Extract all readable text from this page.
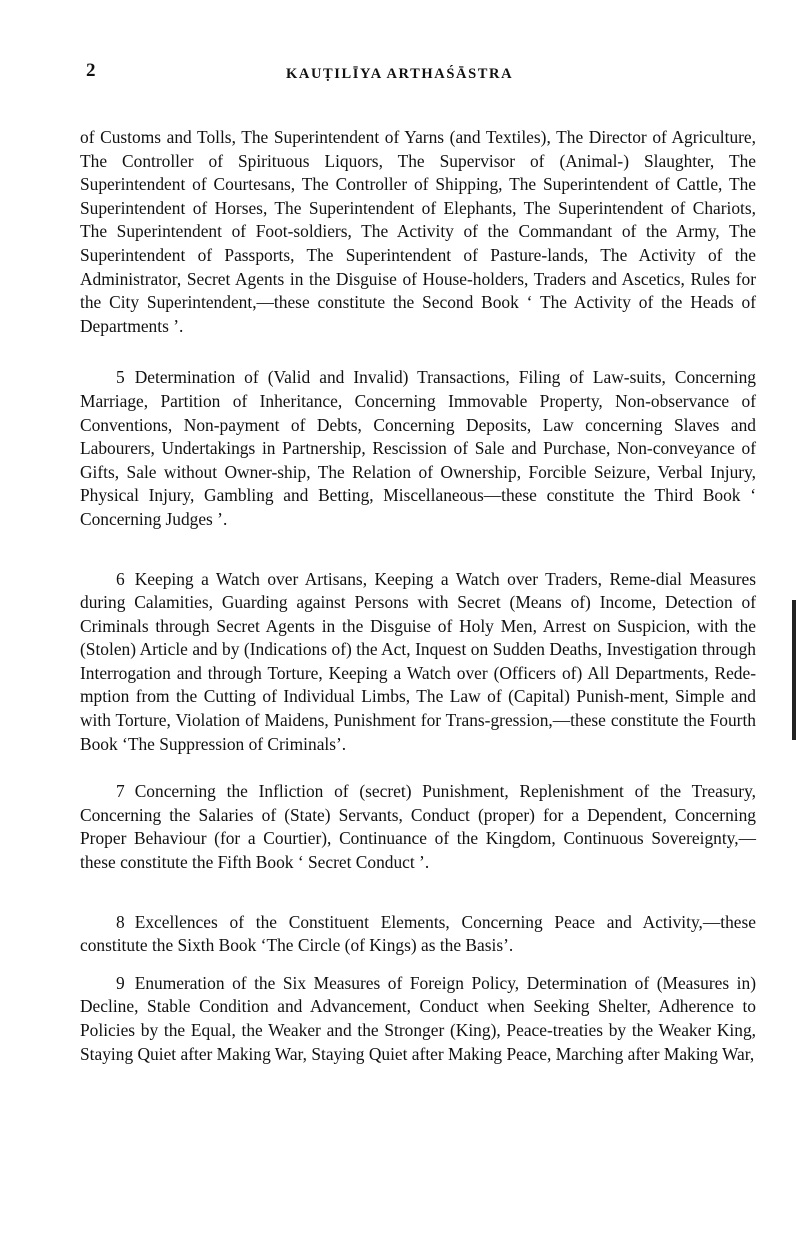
2	KAUṬILĪYA ARTHAŚĀSTRA

of Customs and Tolls, The Superintendent of Yarns (and Textiles), The Director of Agriculture, The Controller of Spirituous Liquors, The Supervisor of (Animal-) Slaughter, The Superintendent of Courtesans, The Controller of Shipping, The Superintendent of Cattle, The Superintendent of Horses, The Superintendent of Elephants, The Superintendent of Chariots, The Superintendent of Foot-soldiers, The Activity of the Commandant of the Army, The Superintendent of Passports, The Superintendent of Pasture-lands, The Activity of the Administrator, Secret Agents in the Disguise of House-holders, Traders and Ascetics, Rules for the City Superintendent,—these constitute the Second Book ‘ The Activity of the Heads of Departments ’.

5 Determination of (Valid and Invalid) Transactions, Filing of Law-suits, Concerning Marriage, Partition of Inheritance, Concerning Immovable Property, Non-observance of Conventions, Non-payment of Debts, Concerning Deposits, Law concerning Slaves and Labourers, Undertakings in Partnership, Rescission of Sale and Purchase, Non-conveyance of Gifts, Sale without Owner-ship, The Relation of Ownership, Forcible Seizure, Verbal Injury, Physical Injury, Gambling and Betting, Miscellaneous—these constitute the Third Book ‘ Concerning Judges ’.

6 Keeping a Watch over Artisans, Keeping a Watch over Traders, Reme-dial Measures during Calamities, Guarding against Persons with Secret (Means of) Income, Detection of Criminals through Secret Agents in the Disguise of Holy Men, Arrest on Suspicion, with the (Stolen) Article and by (Indications of) the Act, Inquest on Sudden Deaths, Investigation through Interrogation and through Torture, Keeping a Watch over (Officers of) All Departments, Rede-mption from the Cutting of Individual Limbs, The Law of (Capital) Punish-ment, Simple and with Torture, Violation of Maidens, Punishment for Trans-gression,—these constitute the Fourth Book ‘The Suppression of Criminals’.

7 Concerning the Infliction of (secret) Punishment, Replenishment of the Treasury, Concerning the Salaries of (State) Servants, Conduct (proper) for a Dependent, Concerning Proper Behaviour (for a Courtier), Continuance of the Kingdom, Continuous Sovereignty,—these constitute the Fifth Book ‘ Secret Conduct ’.

8 Excellences of the Constituent Elements, Concerning Peace and Activity,—these constitute the Sixth Book ‘The Circle (of Kings) as the Basis’.

9 Enumeration of the Six Measures of Foreign Policy, Determination of (Measures in) Decline, Stable Condition and Advancement, Conduct when Seeking Shelter, Adherence to Policies by the Equal, the Weaker and the Stronger (King), Peace-treaties by the Weaker King, Staying Quiet after Making War, Staying Quiet after Making Peace, Marching after Making War,
